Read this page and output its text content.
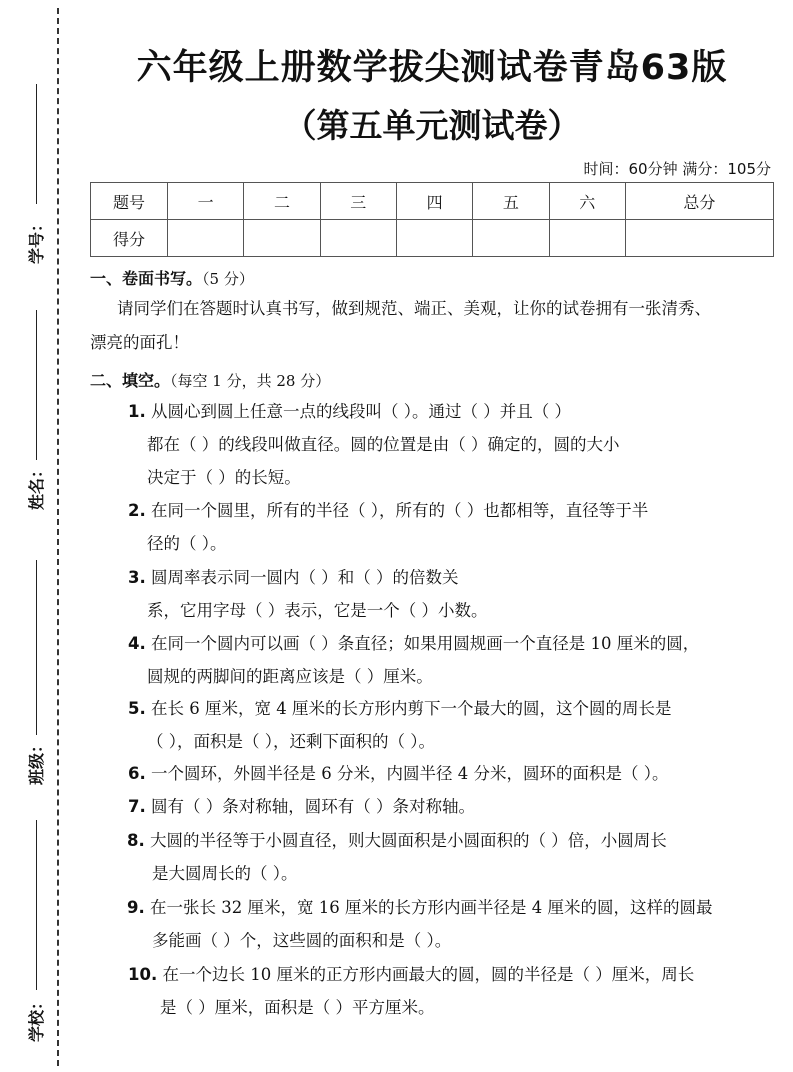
学号：
姓名：
班级：
学校：
六年级上册数学拔尖测试卷青岛63版
（第五单元测试卷）
时间：60分钟 满分：105分
题号	一	二	三	四	五	六	总分
得分							
一、卷面书写。（5 分）
请同学们在答题时认真书写，做到规范、端正、美观，让你的试卷拥有一张清秀、
漂亮的面孔！
二、填空。（每空 1 分，共 28 分）
1. 从圆心到圆上任意一点的线段叫（ ）。通过（ ）并且（ ）
都在（ ）的线段叫做直径。圆的位置是由（ ）确定的，圆的大小
决定于（ ）的长短。
2. 在同一个圆里，所有的半径（ ），所有的（ ）也都相等，直径等于半
径的（ ）。
3. 圆周率表示同一圆内（ ）和（ ）的倍数关
系，它用字母（ ）表示，它是一个（ ）小数。
4. 在同一个圆内可以画（ ）条直径；如果用圆规画一个直径是 10 厘米的圆，
圆规的两脚间的距离应该是（ ）厘米。
5. 在长 6 厘米，宽 4 厘米的长方形内剪下一个最大的圆，这个圆的周长是
（ ），面积是（ ），还剩下面积的（ ）。
6. 一个圆环，外圆半径是 6 分米，内圆半径 4 分米，圆环的面积是（ ）。
7. 圆有（ ）条对称轴，圆环有（ ）条对称轴。
8. 大圆的半径等于小圆直径，则大圆面积是小圆面积的（ ）倍，小圆周长
是大圆周长的（ ）。
9. 在一张长 32 厘米，宽 16 厘米的长方形内画半径是 4 厘米的圆，这样的圆最
多能画（ ）个，这些圆的面积和是（ ）。
10. 在一个边长 10 厘米的正方形内画最大的圆，圆的半径是（ ）厘米，周长
是（ ）厘米，面积是（ ）平方厘米。
